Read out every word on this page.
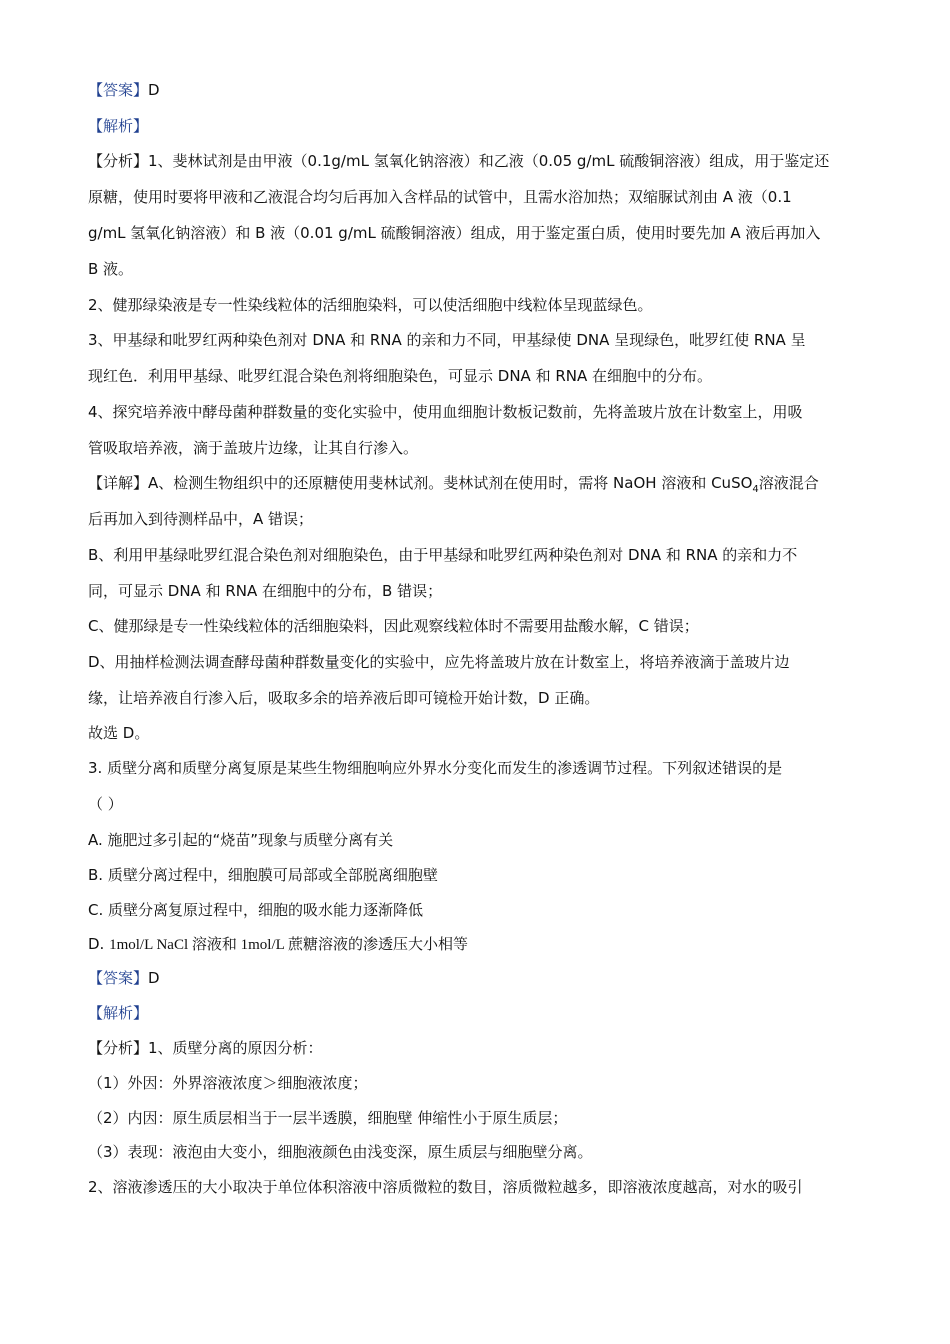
【答案】D
【解析】
【分析】1、斐林试剂是由甲液（0.1g/mL 氢氧化钠溶液）和乙液（0.05 g/mL 硫酸铜溶液）组成，用于鉴定还
原糖，使用时要将甲液和乙液混合均匀后再加入含样品的试管中，且需水浴加热；双缩脲试剂由 A 液（0.1
g/mL 氢氧化钠溶液）和 B 液（0.01 g/mL 硫酸铜溶液）组成，用于鉴定蛋白质，使用时要先加 A 液后再加入
B 液。
2、健那绿染液是专一性染线粒体的活细胞染料，可以使活细胞中线粒体呈现蓝绿色。
3、甲基绿和吡罗红两种染色剂对 DNA 和 RNA 的亲和力不同，甲基绿使 DNA 呈现绿色，吡罗红使 RNA 呈
现红色．利用甲基绿、吡罗红混合染色剂将细胞染色，可显示 DNA 和 RNA 在细胞中的分布。
4、探究培养液中酵母菌种群数量的变化实验中，使用血细胞计数板记数前，先将盖玻片放在计数室上，用吸
管吸取培养液，滴于盖玻片边缘，让其自行渗入。
【详解】A、检测生物组织中的还原糖使用斐林试剂。斐林试剂在使用时，需将 NaOH 溶液和 CuSO$_4$溶液混合
后再加入到待测样品中，A 错误；
B、利用甲基绿吡罗红混合染色剂对细胞染色，由于甲基绿和吡罗红两种染色剂对 DNA 和 RNA 的亲和力不
同，可显示 DNA 和 RNA 在细胞中的分布，B 错误；
C、健那绿是专一性染线粒体的活细胞染料，因此观察线粒体时不需要用盐酸水解，C 错误；
D、用抽样检测法调查酵母菌种群数量变化的实验中，应先将盖玻片放在计数室上，将培养液滴于盖玻片边
缘，让培养液自行渗入后，吸取多余的培养液后即可镜检开始计数，D 正确。
故选 D。
3. 质壁分离和质壁分离复原是某些生物细胞响应外界水分变化而发生的渗透调节过程。下列叙述错误的是
（ ）
A. 施肥过多引起的“烧苗”现象与质壁分离有关
B. 质壁分离过程中，细胞膜可局部或全部脱离细胞壁
C. 质壁分离复原过程中，细胞的吸水能力逐渐降低
D. 1mol/L NaCl 溶液和 1mol/L 蔗糖溶液的渗透压大小相等
【答案】D
【解析】
【分析】1、质壁分离的原因分析：
（1）外因：外界溶液浓度＞细胞液浓度；
（2）内因：原生质层相当于一层半透膜，细胞壁 伸缩性小于原生质层；
（3）表现：液泡由大变小，细胞液颜色由浅变深，原生质层与细胞壁分离。
2、溶液渗透压的大小取决于单位体积溶液中溶质微粒的数目，溶质微粒越多，即溶液浓度越高，对水的吸引
